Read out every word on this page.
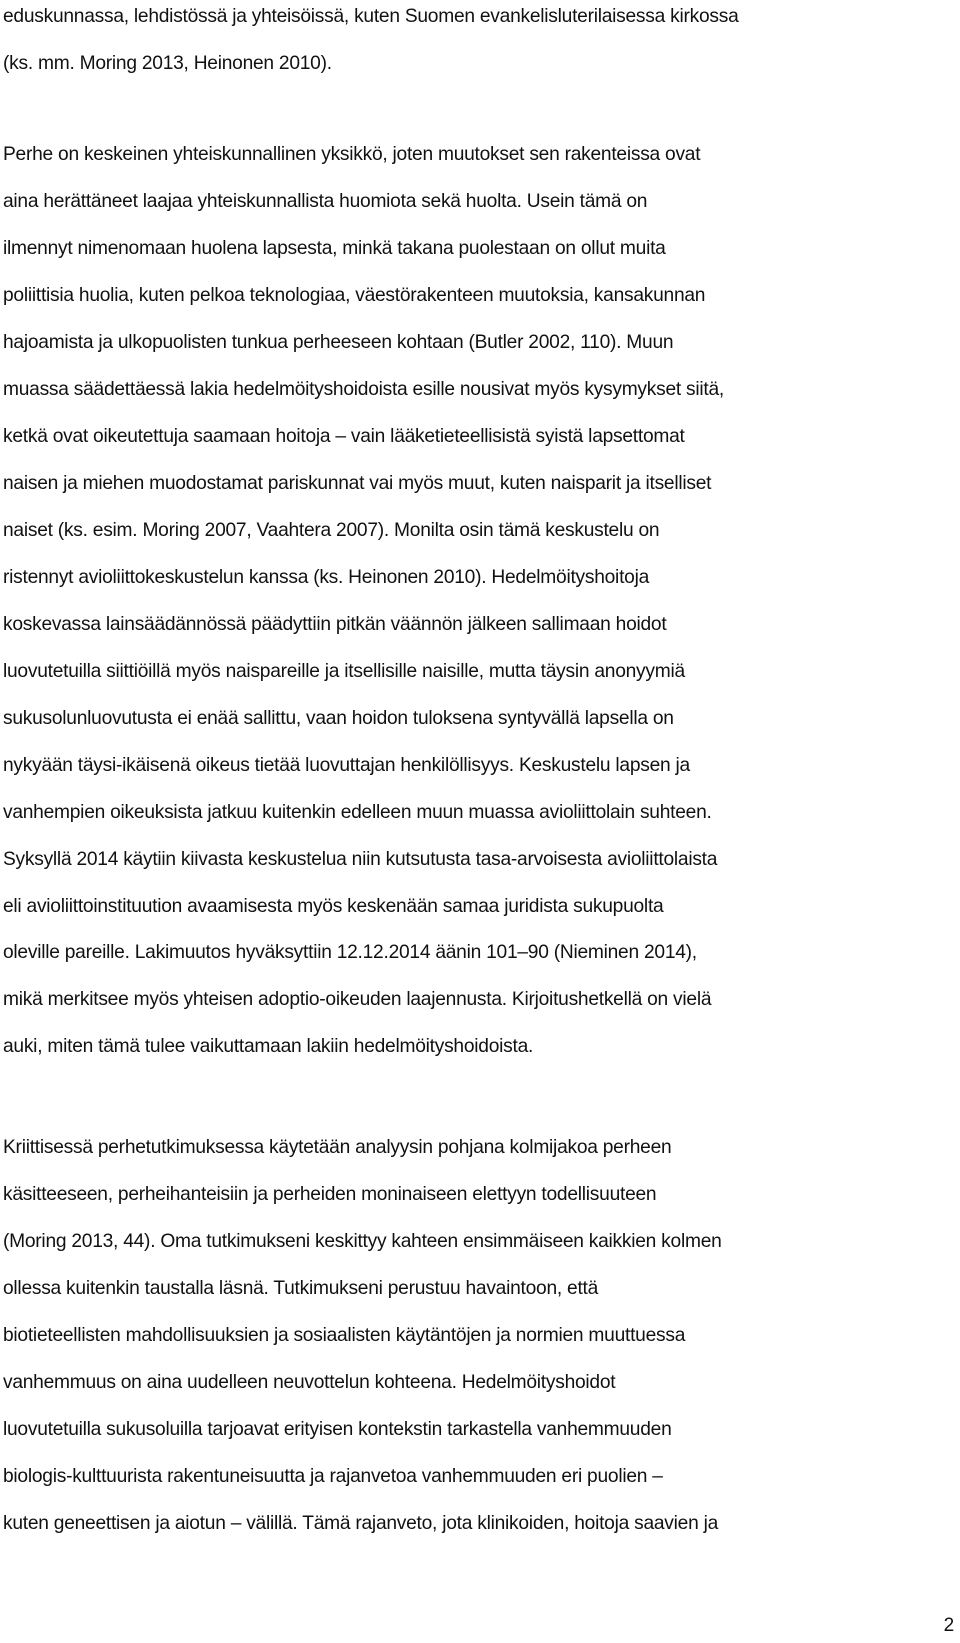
eduskunnassa, lehdistössä ja yhteisöissä, kuten Suomen evankelisluterilaisessa kirkossa
(ks. mm. Moring 2013, Heinonen 2010).
Perhe on keskeinen yhteiskunnallinen yksikkö, joten muutokset sen rakenteissa ovat
aina herättäneet laajaa yhteiskunnallista huomiota sekä huolta. Usein tämä on
ilmennyt nimenomaan huolena lapsesta, minkä takana puolestaan on ollut muita
poliittisia huolia, kuten pelkoa teknologiaa, väestörakenteen muutoksia, kansakunnan
hajoamista ja ulkopuolisten tunkua perheeseen kohtaan (Butler 2002, 110). Muun
muassa säädettäessä lakia hedelmöityshoidoista esille nousivat myös kysymykset siitä,
ketkä ovat oikeutettuja saamaan hoitoja – vain lääketieteellisistä syistä lapsettomat
naisen ja miehen muodostamat pariskunnat vai myös muut, kuten naisparit ja itselliset
naiset (ks. esim. Moring 2007, Vaahtera 2007). Monilta osin tämä keskustelu on
ristennyt avioliittokeskustelun kanssa (ks. Heinonen 2010). Hedelmöityshoitoja
koskevassa lainsäädännössä päädyttiin pitkän väännön jälkeen sallimaan hoidot
luovutetuilla siittiöillä myös naispareille ja itsellisille naisille, mutta täysin anonyymiä
sukusolunluovutusta ei enää sallittu, vaan hoidon tuloksena syntyvällä lapsella on
nykyään täysi-ikäisenä oikeus tietää luovuttajan henkilöllisyys. Keskustelu lapsen ja
vanhempien oikeuksista jatkuu kuitenkin edelleen muun muassa avioliittolain suhteen.
Syksyllä 2014 käytiin kiivasta keskustelua niin kutsutusta tasa-arvoisesta avioliittolaista
eli avioliittoinstituution avaamisesta myös keskenään samaa juridista sukupuolta
oleville pareille. Lakimuutos hyväksyttiin 12.12.2014 äänin 101–90 (Nieminen 2014),
mikä merkitsee myös yhteisen adoptio-oikeuden laajennusta. Kirjoitushetkellä on vielä
auki, miten tämä tulee vaikuttamaan lakiin hedelmöityshoidoista.
Kriittisessä perhetutkimuksessa käytetään analyysin pohjana kolmijakoa perheen
käsitteeseen, perheihanteisiin ja perheiden moninaiseen elettyyn todellisuuteen
(Moring 2013, 44). Oma tutkimukseni keskittyy kahteen ensimmäiseen kaikkien kolmen
ollessa kuitenkin taustalla läsnä. Tutkimukseni perustuu havaintoon, että
biotieteellisten mahdollisuuksien ja sosiaalisten käytäntöjen ja normien muuttuessa
vanhemmuus on aina uudelleen neuvottelun kohteena. Hedelmöityshoidot
luovutetuilla sukusoluilla tarjoavat erityisen kontekstin tarkastella vanhemmuuden
biologis-kulttuurista rakentuneisuutta ja rajanvetoa vanhemmuuden eri puolien –
kuten geneettisen ja aiotun – välillä. Tämä rajanveto, jota klinikoiden, hoitoja saavien ja
2
